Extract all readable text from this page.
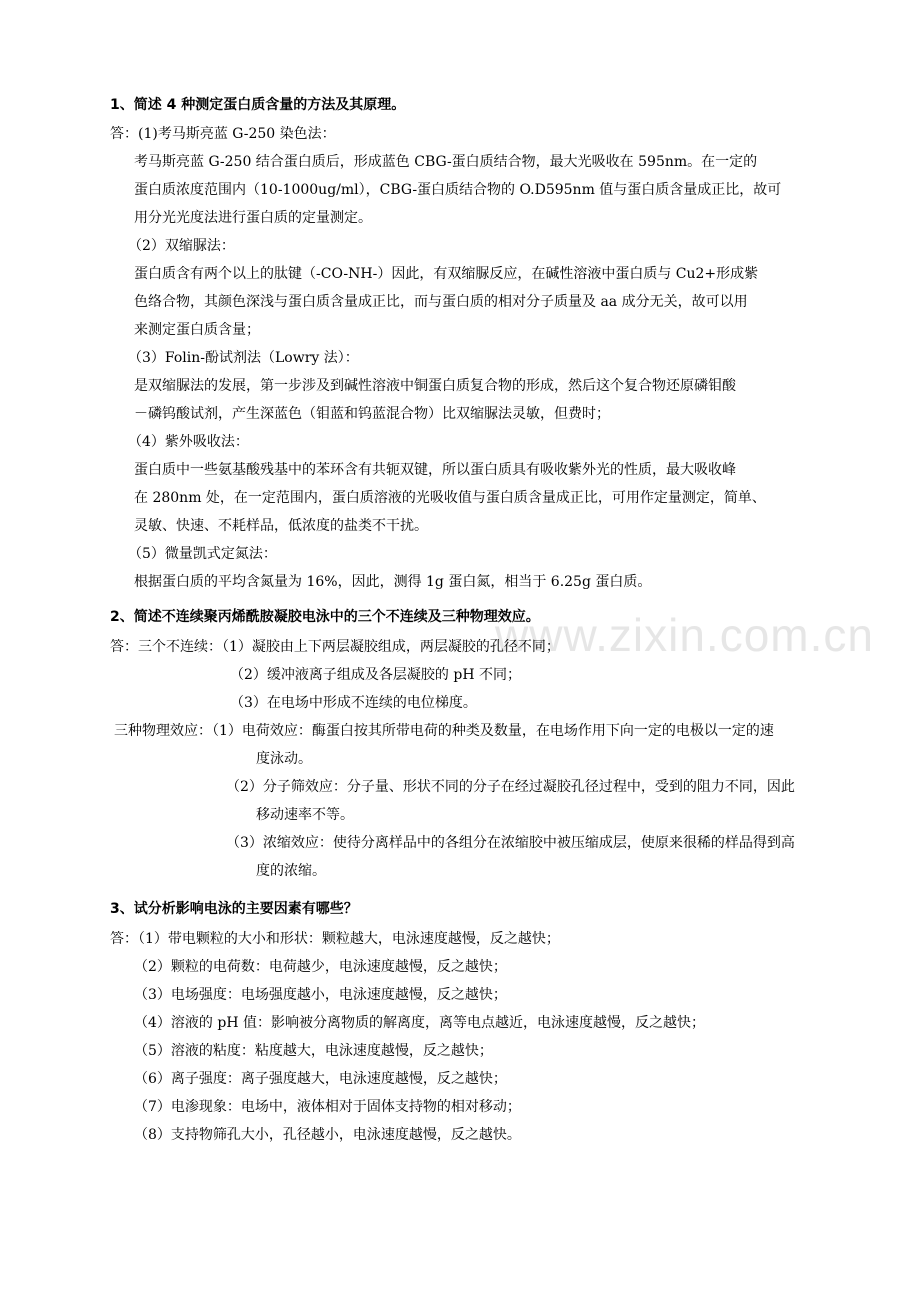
www.zixin.com.cn
1、简述 4 种测定蛋白质含量的方法及其原理。
答：(1)考马斯亮蓝 G-250 染色法：
考马斯亮蓝 G-250 结合蛋白质后，形成蓝色 CBG-蛋白质结合物，最大光吸收在 595nm。在一定的
蛋白质浓度范围内（10-1000ug/ml），CBG-蛋白质结合物的 O.D595nm 值与蛋白质含量成正比，故可
用分光光度法进行蛋白质的定量测定。
（2）双缩脲法：
蛋白质含有两个以上的肽键（-CO-NH-）因此，有双缩脲反应，在碱性溶液中蛋白质与 Cu2+形成紫
色络合物，其颜色深浅与蛋白质含量成正比，而与蛋白质的相对分子质量及 aa 成分无关，故可以用
来测定蛋白质含量；
（3）Folin-酚试剂法（Lowry 法）：
是双缩脲法的发展，第一步涉及到碱性溶液中铜蛋白质复合物的形成，然后这个复合物还原磷钼酸
－磷钨酸试剂，产生深蓝色（钼蓝和钨蓝混合物）比双缩脲法灵敏，但费时；
（4）紫外吸收法：
蛋白质中一些氨基酸残基中的苯环含有共轭双键，所以蛋白质具有吸收紫外光的性质，最大吸收峰
在 280nm 处，在一定范围内，蛋白质溶液的光吸收值与蛋白质含量成正比，可用作定量测定，简单、
灵敏、快速、不耗样品，低浓度的盐类不干扰。
（5）微量凯式定氮法：
根据蛋白质的平均含氮量为 16%，因此，测得 1g 蛋白氮，相当于 6.25g 蛋白质。
2、简述不连续聚丙烯酰胺凝胶电泳中的三个不连续及三种物理效应。
答：三个不连续：（1）凝胶由上下两层凝胶组成，两层凝胶的孔径不同；
（2）缓冲液离子组成及各层凝胶的 pH 不同；
（3）在电场中形成不连续的电位梯度。
三种物理效应：（1）电荷效应：酶蛋白按其所带电荷的种类及数量，在电场作用下向一定的电极以一定的速
度泳动。
（2）分子筛效应：分子量、形状不同的分子在经过凝胶孔径过程中，受到的阻力不同，因此
移动速率不等。
（3）浓缩效应：使待分离样品中的各组分在浓缩胶中被压缩成层，使原来很稀的样品得到高
度的浓缩。
3、试分析影响电泳的主要因素有哪些？
答：（1）带电颗粒的大小和形状：颗粒越大，电泳速度越慢，反之越快；
（2）颗粒的电荷数：电荷越少，电泳速度越慢，反之越快；
（3）电场强度：电场强度越小，电泳速度越慢，反之越快；
（4）溶液的 pH 值：影响被分离物质的解离度，离等电点越近，电泳速度越慢，反之越快；
（5）溶液的粘度：粘度越大，电泳速度越慢，反之越快；
（6）离子强度：离子强度越大，电泳速度越慢，反之越快；
（7）电渗现象：电场中，液体相对于固体支持物的相对移动；
（8）支持物筛孔大小，孔径越小，电泳速度越慢，反之越快。
